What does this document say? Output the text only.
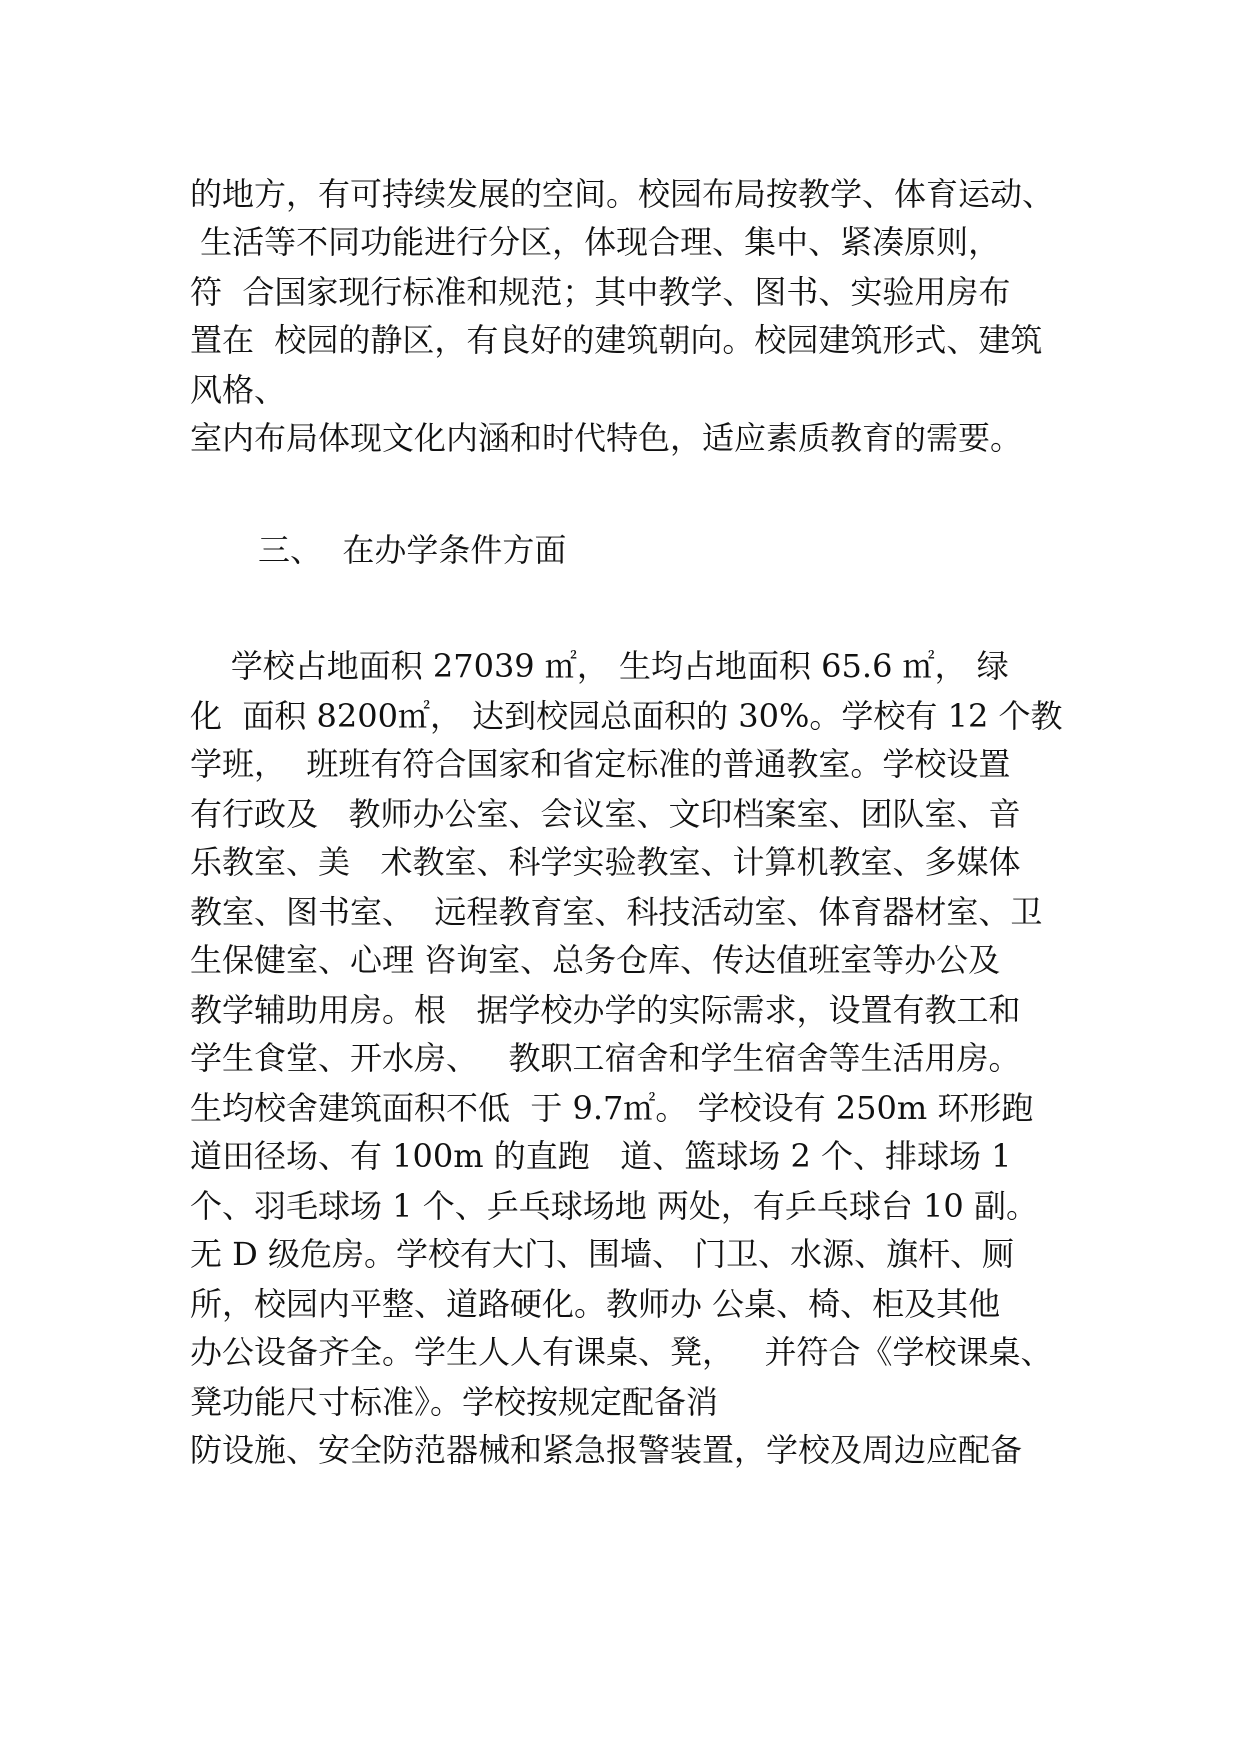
的地方，有可持续发展的空间。校园布局按教学、体育运动、
生活等不同功能进行分区，体现合理、集中、紧凑原则，
符  合国家现行标准和规范；其中教学、图书、实验用房布
置在  校园的静区，有良好的建筑朝向。校园建筑形式、建筑
风格、
室内布局体现文化内涵和时代特色，适应素质教育的需要。
三、  在办学条件方面
学校占地面积 27039 ㎡， 生均占地面积 65.6 ㎡， 绿
化  面积 8200㎡， 达到校园总面积的 30%。学校有 12 个教
学班，  班班有符合国家和省定标准的普通教室。学校设置
有行政及   教师办公室、会议室、文印档案室、团队室、音
乐教室、美   术教室、科学实验教室、计算机教室、多媒体
教室、图书室、  远程教育室、科技活动室、体育器材室、卫
生保健室、心理 咨询室、总务仓库、传达值班室等办公及
教学辅助用房。根   据学校办学的实际需求，设置有教工和
学生食堂、开水房、   教职工宿舍和学生宿舍等生活用房。
生均校舍建筑面积不低  于 9.7㎡。 学校设有 250m 环形跑
道田径场、有 100m 的直跑   道、篮球场 2 个、排球场 1
个、羽毛球场 1 个、乒乓球场地 两处，有乒乓球台 10 副。
无 D 级危房。学校有大门、围墙、 门卫、水源、旗杆、厕
所，校园内平整、道路硬化。教师办 公桌、椅、柜及其他
办公设备齐全。学生人人有课桌、凳，   并符合《学校课桌、
凳功能尺寸标准》。学校按规定配备消
防设施、安全防范器械和紧急报警装置，学校及周边应配备
